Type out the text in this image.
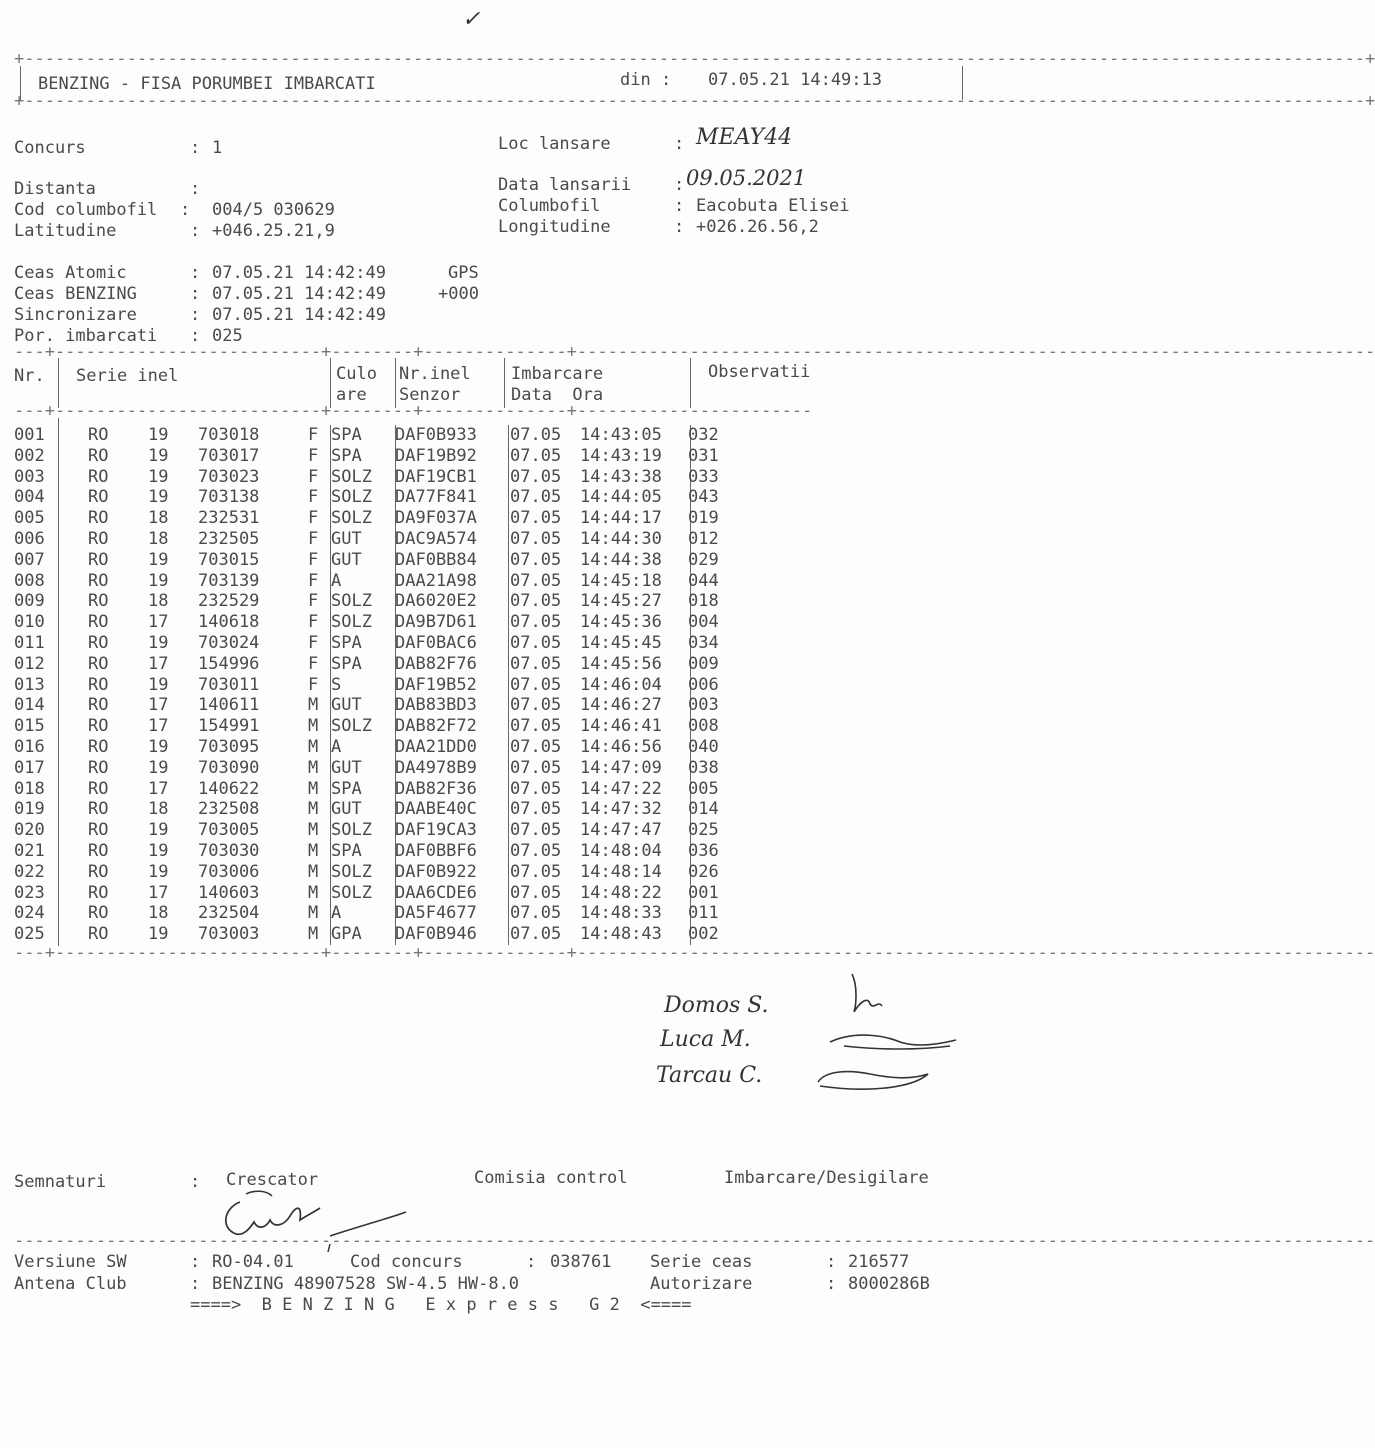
✓
+-----------------------------------------------------------------------------------------------------------------------------------+
BENZING - FISA PORUMBEI IMBARCATI	din : 07.05.21 14:49:13
+-----------------------------------------------------------------------------------------------------------------------------------+
Concurs	: 1
Distanta	:
Cod columbofil : 004/5 030629
Latitudine	: +046.25.21,9
Loc lansare	: MEAY44
Data lansarii	: 09.05.2021
Columbofil	: Eacobuta Elisei
Longitudine	: +026.26.56,2
Ceas Atomic	: 07.05.21 14:42:49	GPS
Ceas BENZING	: 07.05.21 14:42:49	+000
Sincronizare	: 07.05.21 14:42:49
Por. imbarcati : 025
---+--------------------------+--------+--------------+------------------------------------------------------------------------------
Nr. Serie inel	Culo
are
Nr.inel
Senzor
Imbarcare
Data  Ora
Observatii
---+--------------------------+--------+--------------+-----------------------
001	RO	19	703018	F	SPA	DAF0B933	07.05	14:43:05	032
002	RO	19	703017	F	SPA	DAF19B92	07.05	14:43:19	031
003	RO	19	703023	F	SOLZ	DAF19CB1	07.05	14:43:38	033
004	RO	19	703138	F	SOLZ	DA77F841	07.05	14:44:05	043
005	RO	18	232531	F	SOLZ	DA9F037A	07.05	14:44:17	019
006	RO	18	232505	F	GUT	DAC9A574	07.05	14:44:30	012
007	RO	19	703015	F	GUT	DAF0BB84	07.05	14:44:38	029
008	RO	19	703139	F	A	DAA21A98	07.05	14:45:18	044
009	RO	18	232529	F	SOLZ	DA6020E2	07.05	14:45:27	018
010	RO	17	140618	F	SOLZ	DA9B7D61	07.05	14:45:36	004
011	RO	19	703024	F	SPA	DAF0BAC6	07.05	14:45:45	034
012	RO	17	154996	F	SPA	DAB82F76	07.05	14:45:56	009
013	RO	19	703011	F	S	DAF19B52	07.05	14:46:04	006
014	RO	17	140611	M	GUT	DAB83BD3	07.05	14:46:27	003
015	RO	17	154991	M	SOLZ	DAB82F72	07.05	14:46:41	008
016	RO	19	703095	M	A	DAA21DD0	07.05	14:46:56	040
017	RO	19	703090	M	GUT	DA4978B9	07.05	14:47:09	038
018	RO	17	140622	M	SPA	DAB82F36	07.05	14:47:22	005
019	RO	18	232508	M	GUT	DAABE40C	07.05	14:47:32	014
020	RO	19	703005	M	SOLZ	DAF19CA3	07.05	14:47:47	025
021	RO	19	703030	M	SPA	DAF0BBF6	07.05	14:48:04	036
022	RO	19	703006	M	SOLZ	DAF0B922	07.05	14:48:14	026
023	RO	17	140603	M	SOLZ	DAA6CDE6	07.05	14:48:22	001
024	RO	18	232504	M	A	DA5F4677	07.05	14:48:33	011
025	RO	19	703003	M	GPA	DAF0B946	07.05	14:48:43	002
---+--------------------------+--------+--------------+------------------------------------------------------------------------------
Domos S.
Luca M.
Tarcau C.
Semnaturi	: Crescator	Comisia control	Imbarcare/Desigilare
-------------------------------------------------------------------------------------------------------------------------------------
Versiune SW	: RO-04.01	Cod concurs	: 038761 Serie ceas	: 216577
Antena Club	: BENZING 48907528 SW-4.5 HW-8.0	Autorizare	: 8000286B
====>  B E N Z I N G   E x p r e s s   G 2  <====
